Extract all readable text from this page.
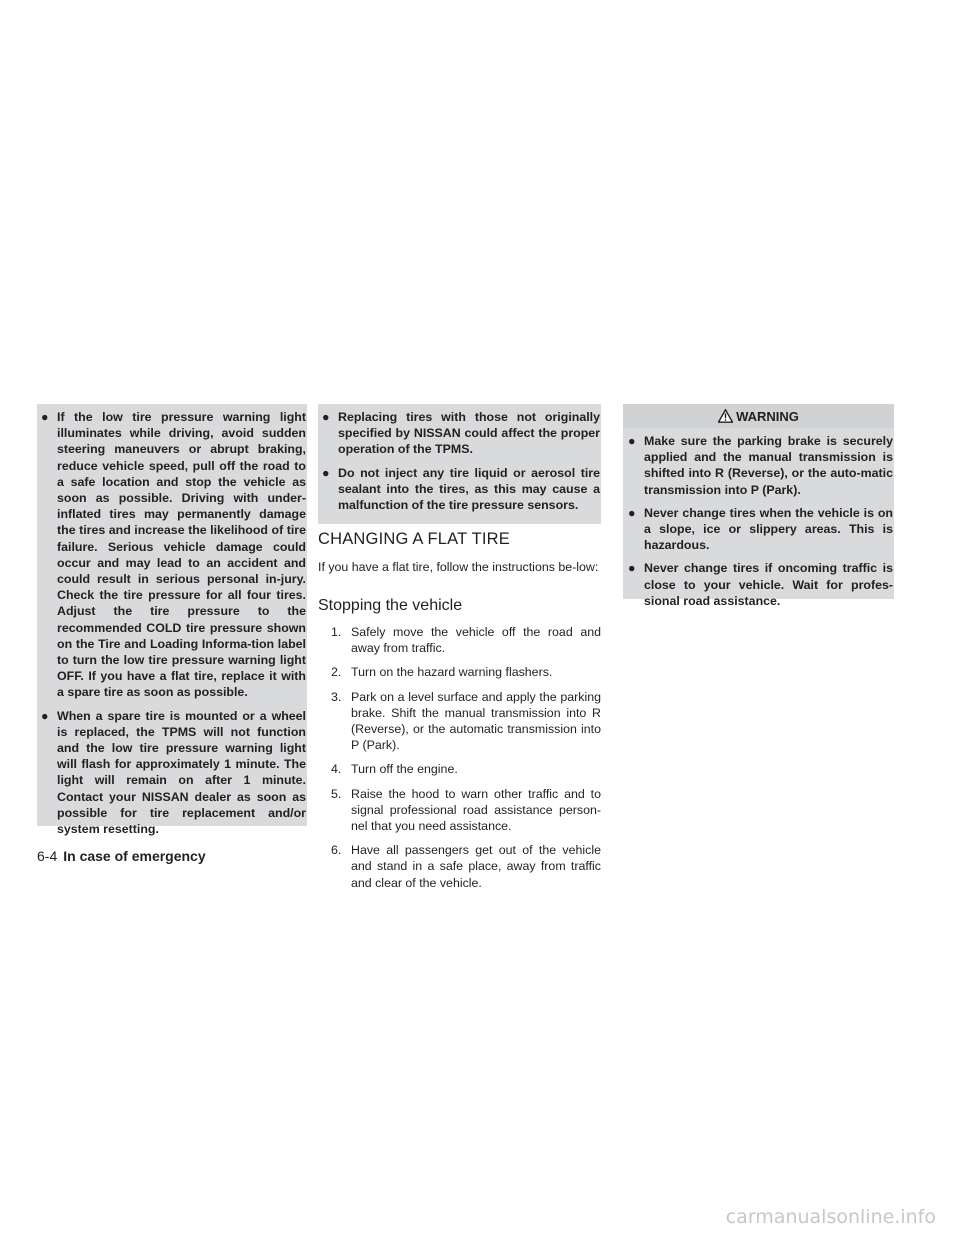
● If the low tire pressure warning light illuminates while driving, avoid sudden steering maneuvers or abrupt braking, reduce vehicle speed, pull off the road to a safe location and stop the vehicle as soon as possible. Driving with under-inflated tires may permanently damage the tires and increase the likelihood of tire failure. Serious vehicle damage could occur and may lead to an accident and could result in serious personal in-jury. Check the tire pressure for all four tires. Adjust the tire pressure to the recommended COLD tire pressure shown on the Tire and Loading Informa-tion label to turn the low tire pressure warning light OFF. If you have a flat tire, replace it with a spare tire as soon as possible.
● When a spare tire is mounted or a wheel is replaced, the TPMS will not function and the low tire pressure warning light will flash for approximately 1 minute. The light will remain on after 1 minute. Contact your NISSAN dealer as soon as possible for tire replacement and/or system resetting.
● Replacing tires with those not originally specified by NISSAN could affect the proper operation of the TPMS.
● Do not inject any tire liquid or aerosol tire sealant into the tires, as this may cause a malfunction of the tire pressure sensors.
CHANGING A FLAT TIRE
If you have a flat tire, follow the instructions be-low:
Stopping the vehicle
1. Safely move the vehicle off the road and away from traffic.
2. Turn on the hazard warning flashers.
3. Park on a level surface and apply the parking brake. Shift the manual transmission into R (Reverse), or the automatic transmission into P (Park).
4. Turn off the engine.
5. Raise the hood to warn other traffic and to signal professional road assistance person-nel that you need assistance.
6. Have all passengers get out of the vehicle and stand in a safe place, away from traffic and clear of the vehicle.
WARNING
● Make sure the parking brake is securely applied and the manual transmission is shifted into R (Reverse), or the auto-matic transmission into P (Park).
● Never change tires when the vehicle is on a slope, ice or slippery areas. This is hazardous.
● Never change tires if oncoming traffic is close to your vehicle. Wait for profes-sional road assistance.
6-4 In case of emergency
carmanualsonline.info
